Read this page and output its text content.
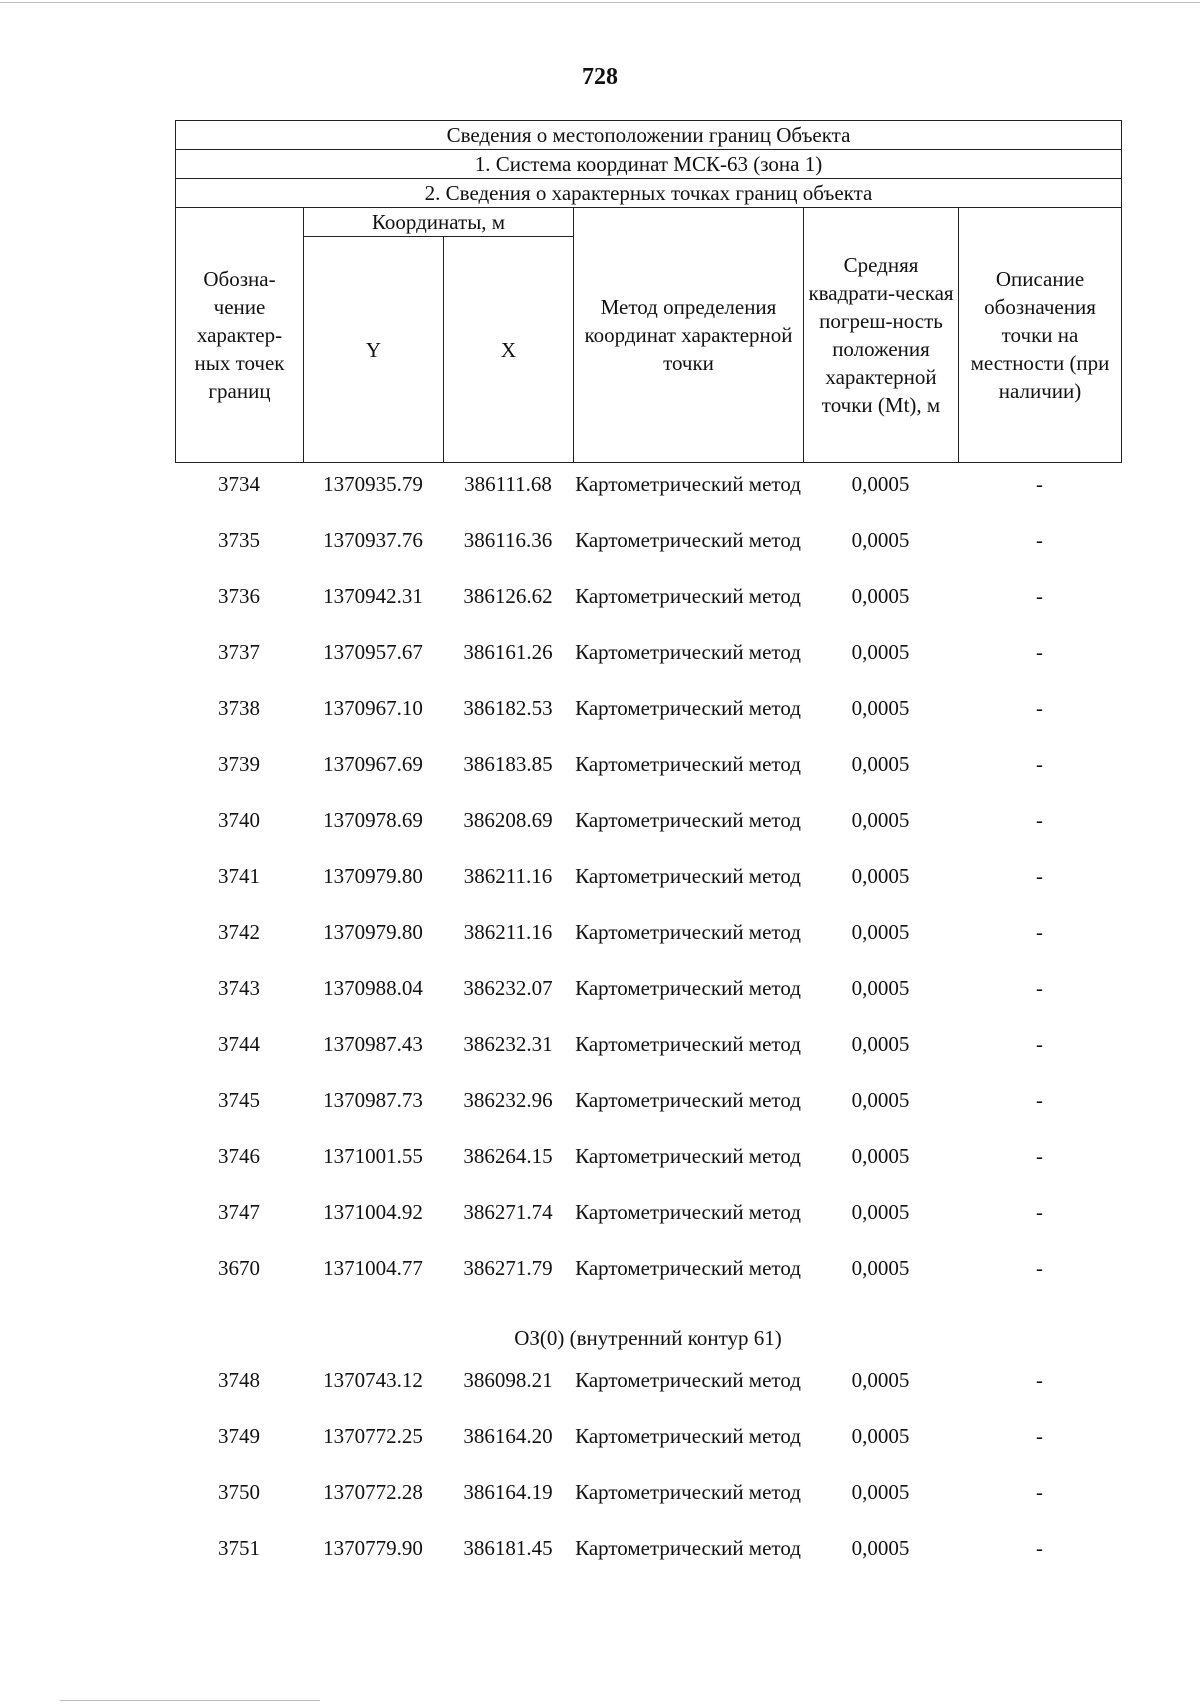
728
Сведения о местоположении границ Объекта					
1. Система координат МСК-63 (зона 1)					
2. Сведения о характерных точках границ объекта					
Обозна-чение характер-ных точек границ	Координаты, м		Метод определения координат характерной точки	Средняя квадрати-ческая погреш-ность положения характерной точки (Mt), м	Описание обозначения точки на местности (при наличии)
	Y	X			
3734	1370935.79	386111.68	Картометрический метод	0,0005	-
3735	1370937.76	386116.36	Картометрический метод	0,0005	-
3736	1370942.31	386126.62	Картометрический метод	0,0005	-
3737	1370957.67	386161.26	Картометрический метод	0,0005	-
3738	1370967.10	386182.53	Картометрический метод	0,0005	-
3739	1370967.69	386183.85	Картометрический метод	0,0005	-
3740	1370978.69	386208.69	Картометрический метод	0,0005	-
3741	1370979.80	386211.16	Картометрический метод	0,0005	-
3742	1370979.80	386211.16	Картометрический метод	0,0005	-
3743	1370988.04	386232.07	Картометрический метод	0,0005	-
3744	1370987.43	386232.31	Картометрический метод	0,0005	-
3745	1370987.73	386232.96	Картометрический метод	0,0005	-
3746	1371001.55	386264.15	Картометрический метод	0,0005	-
3747	1371004.92	386271.74	Картометрический метод	0,0005	-
3670	1371004.77	386271.79	Картометрический метод	0,0005	-
ОЗ(0) (внутренний контур 61)					
3748	1370743.12	386098.21	Картометрический метод	0,0005	-
3749	1370772.25	386164.20	Картометрический метод	0,0005	-
3750	1370772.28	386164.19	Картометрический метод	0,0005	-
3751	1370779.90	386181.45	Картометрический метод	0,0005	-
